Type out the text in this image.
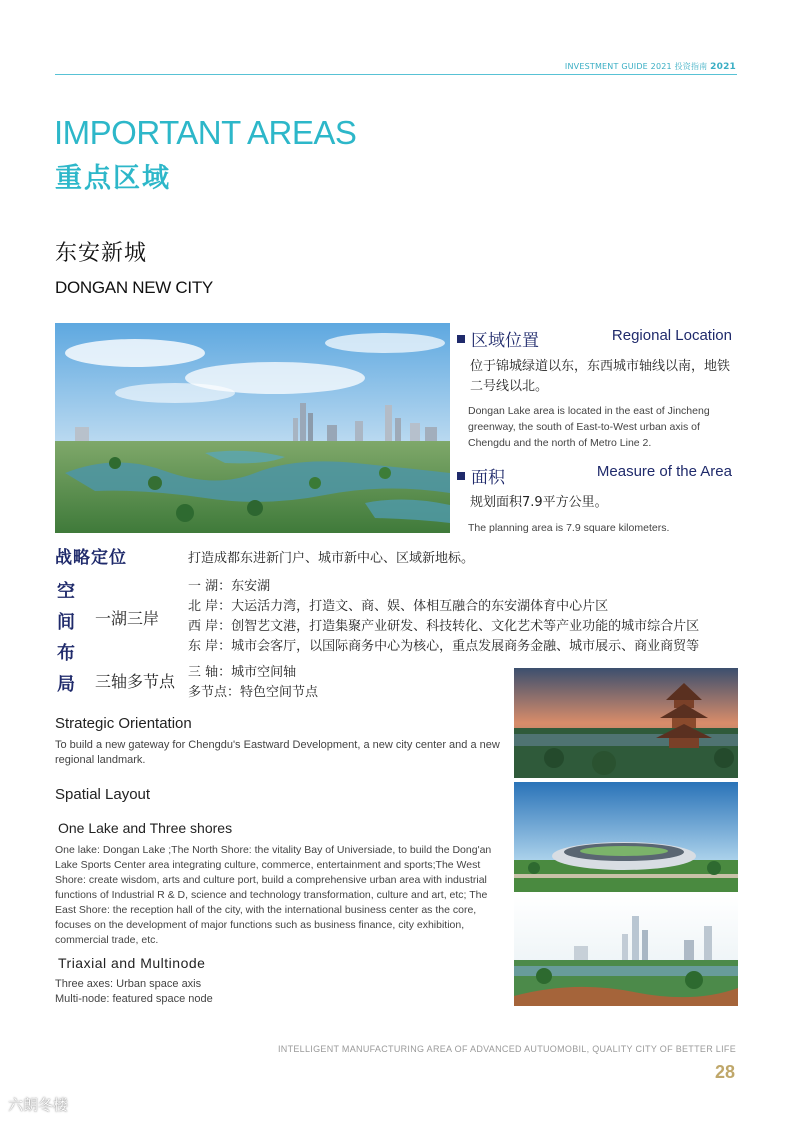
INVESTMENT GUIDE 2021 投资指南 2021
IMPORTANT AREAS
重点区域
东安新城
DONGAN NEW CITY
区域位置	Regional Location
位于锦城绿道以东，东西城市轴线以南，地铁二号线以北。
Dongan Lake area is located in the east of Jincheng greenway, the south of East-to-West urban axis of Chengdu and the north of Metro Line 2.
面积	Measure of the Area
规划面积7.9平方公里。
The planning area is 7.9 square kilometers.
战略定位	打造成都东进新门户、城市新中心、区域新地标。
空
间
布
局
一湖三岸
一 湖：东安湖
北 岸：大运活力湾，打造文、商、娱、体相互融合的东安湖体育中心片区
西 岸：创智艺文港，打造集聚产业研发、科技转化、文化艺术等产业功能的城市综合片区
东 岸：城市会客厅，以国际商务中心为核心，重点发展商务金融、城市展示、商业商贸等
三轴多节点 三 轴：城市空间轴
多节点：特色空间节点
Strategic Orientation
To build a new gateway for Chengdu's Eastward Development, a new city center and a new regional landmark.
Spatial Layout
One Lake and Three shores
One lake: Dongan Lake ;The North Shore: the vitality Bay of Universiade, to build the Dong'an Lake Sports Center area integrating culture, commerce, entertainment and sports;The West Shore: create wisdom, arts and culture port, build a comprehensive urban area with industrial functions of Industrial R & D, science and technology transformation, culture and art, etc; The East Shore: the reception hall of the city, with the international business center as the core, focuses on the development of major functions such as business finance, city exhibition, commercial trade, etc.
Triaxial and Multinode
Three axes: Urban space axis
Multi-node: featured space node
INTELLIGENT MANUFACTURING AREA OF ADVANCED AUTUOMOBIL, QUALITY CITY OF BETTER LIFE
28
六朗冬楼
